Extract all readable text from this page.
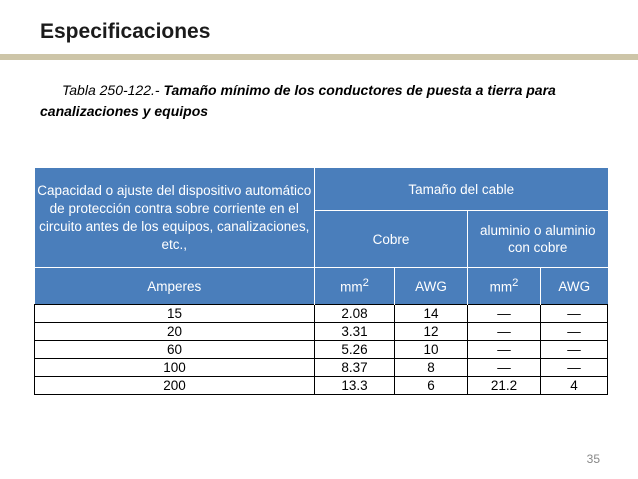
Especificaciones
Tabla 250-122.- Tamaño mínimo de los conductores de puesta a tierra para canalizaciones y equipos
Capacidad o ajuste del dispositivo automático de protección contra sobre corriente en el circuito antes de los equipos, canalizaciones, etc.,	Tamaño del cable			
	Cobre		aluminio o aluminio con cobre	
Amperes	$mm^2$	AWG	$mm^2$	AWG
15	2.08	14	—	—
20	3.31	12	—	—
60	5.26	10	—	—
100	8.37	8	—	—
200	13.3	6	21.2	4
35
